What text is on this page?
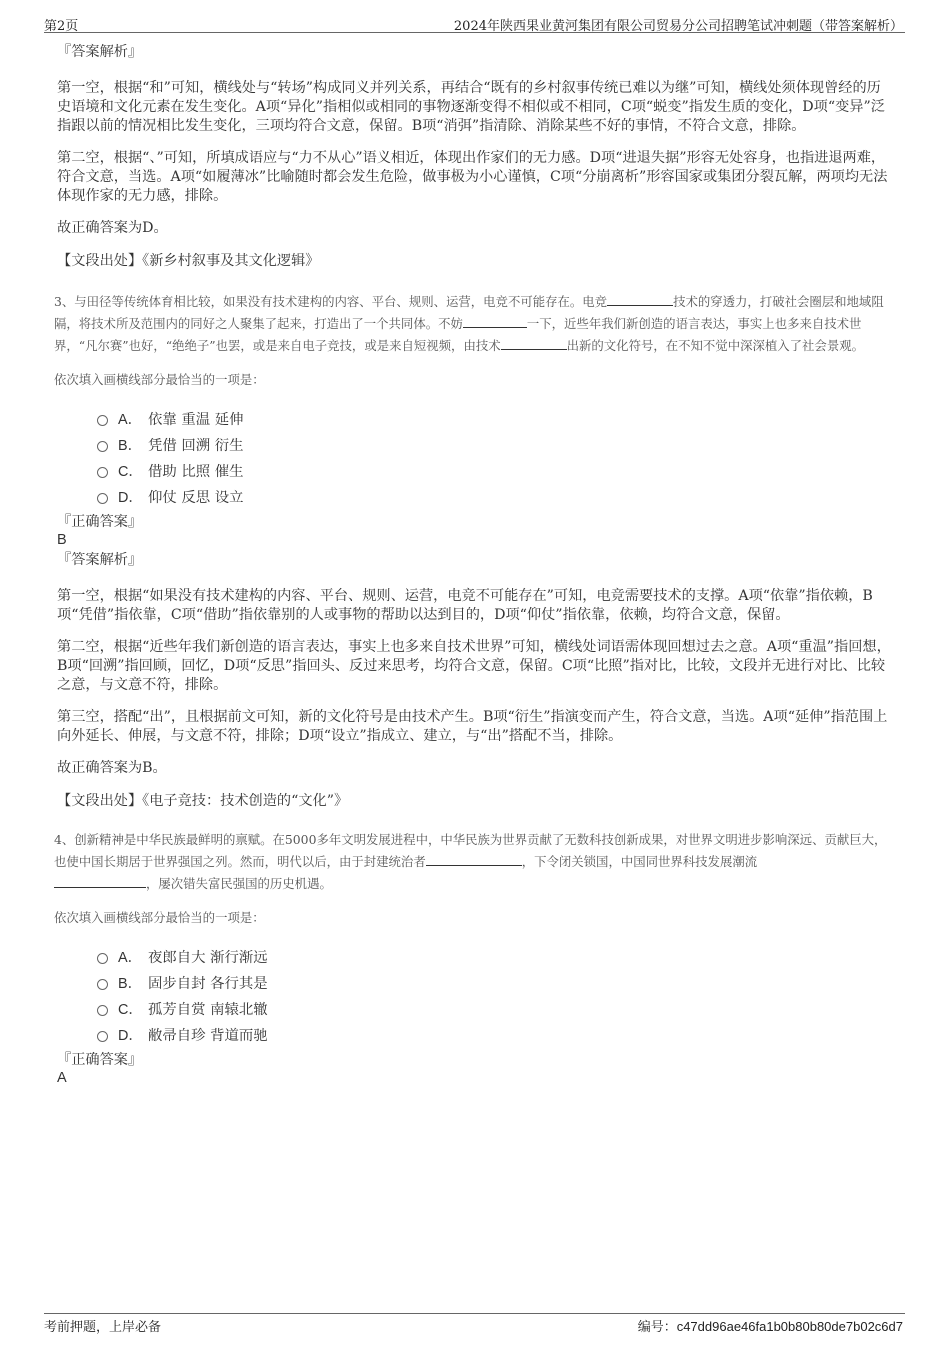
第2页	2024年陕西果业黄河集团有限公司贸易分公司招聘笔试冲刺题（带答案解析）
『答案解析』
第一空，根据“和”可知，横线处与“转场”构成同义并列关系，再结合“既有的乡村叙事传统已难以为继”可知，横线处须体现曾经的历史语境和文化元素在发生变化。A项“异化”指相似或相同的事物逐渐变得不相似或不相同，C项“蜕变”指发生质的变化，D项“变异”泛指跟以前的情况相比发生变化，三项均符合文意，保留。B项“消弭”指清除、消除某些不好的事情，不符合文意，排除。
第二空，根据“、”可知，所填成语应与“力不从心”语义相近，体现出作家们的无力感。D项“进退失据”形容无处容身，也指进退两难，符合文意，当选。A项“如履薄冰”比喻随时都会发生危险，做事极为小心谨慎，C项“分崩离析”形容国家或集团分裂瓦解，两项均无法体现作家的无力感，排除。
故正确答案为D。
【文段出处】《新乡村叙事及其文化逻辑》
3、与田径等传统体育相比较，如果没有技术建构的内容、平台、规则、运营，电竞不可能存在。电竞	技术的穿透力，打破社会圈层和地域阻隔，将技术所及范围内的同好之人聚集了起来，打造出了一个共同体。不妨	一下，近些年我们新创造的语言表达，事实上也多来自技术世界，“凡尔赛”也好，“绝绝子”也罢，或是来自电子竞技，或是来自短视频，由技术	出新的文化符号，在不知不觉中深深植入了社会景观。
依次填入画横线部分最恰当的一项是：
A． 依靠 重温 延伸
B． 凭借 回溯 衍生
C． 借助 比照 催生
D． 仰仗 反思 设立
『正确答案』
B
『答案解析』
第一空，根据“如果没有技术建构的内容、平台、规则、运营，电竞不可能存在”可知，电竞需要技术的支撑。A项“依靠”指依赖，B项“凭借”指依靠，C项“借助”指依靠别的人或事物的帮助以达到目的，D项“仰仗”指依靠，依赖，均符合文意，保留。
第二空，根据“近些年我们新创造的语言表达，事实上也多来自技术世界”可知，横线处词语需体现回想过去之意。A项“重温”指回想，B项“回溯”指回顾，回忆，D项“反思”指回头、反过来思考，均符合文意，保留。C项“比照”指对比，比较，文段并无进行对比、比较之意，与文意不符，排除。
第三空，搭配“出”，且根据前文可知，新的文化符号是由技术产生。B项“衍生”指演变而产生，符合文意，当选。A项“延伸”指范围上向外延长、伸展，与文意不符，排除；D项“设立”指成立、建立，与“出”搭配不当，排除。
故正确答案为B。
【文段出处】《电子竞技：技术创造的“文化”》
4、创新精神是中华民族最鲜明的禀赋。在5000多年文明发展进程中，中华民族为世界贡献了无数科技创新成果，对世界文明进步影响深远、贡献巨大，也使中国长期居于世界强国之列。然而，明代以后，由于封建统治者	，下令闭关锁国，中国同世界科技发展潮流
，屡次错失富民强国的历史机遇。
依次填入画横线部分最恰当的一项是：
A． 夜郎自大 渐行渐远
B． 固步自封 各行其是
C． 孤芳自赏 南辕北辙
D． 敝帚自珍 背道而驰
『正确答案』
A
考前押题，上岸必备	编号：c47dd96ae46fa1b0b80b80de7b02c6d7
